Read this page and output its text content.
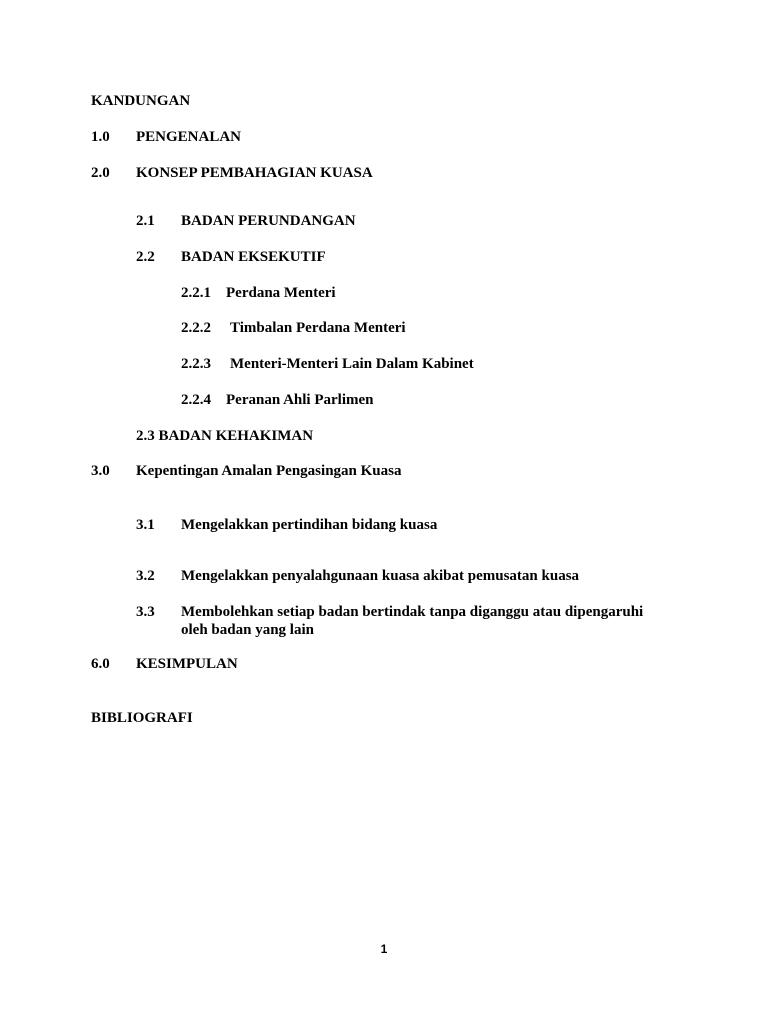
KANDUNGAN
1.0 PENGENALAN
2.0 KONSEP PEMBAHAGIAN KUASA
2.1 BADAN PERUNDANGAN
2.2 BADAN EKSEKUTIF
2.2.1 Perdana Menteri
2.2.2 Timbalan Perdana Menteri
2.2.3 Menteri-Menteri Lain Dalam Kabinet
2.2.4 Peranan Ahli Parlimen
2.3 BADAN KEHAKIMAN
3.0 Kepentingan Amalan Pengasingan Kuasa
3.1 Mengelakkan pertindihan bidang kuasa
3.2 Mengelakkan penyalahgunaan kuasa akibat pemusatan kuasa
3.3 Membolehkan setiap badan bertindak tanpa diganggu atau dipengaruhi
oleh badan yang lain
6.0 KESIMPULAN
BIBLIOGRAFI
1
